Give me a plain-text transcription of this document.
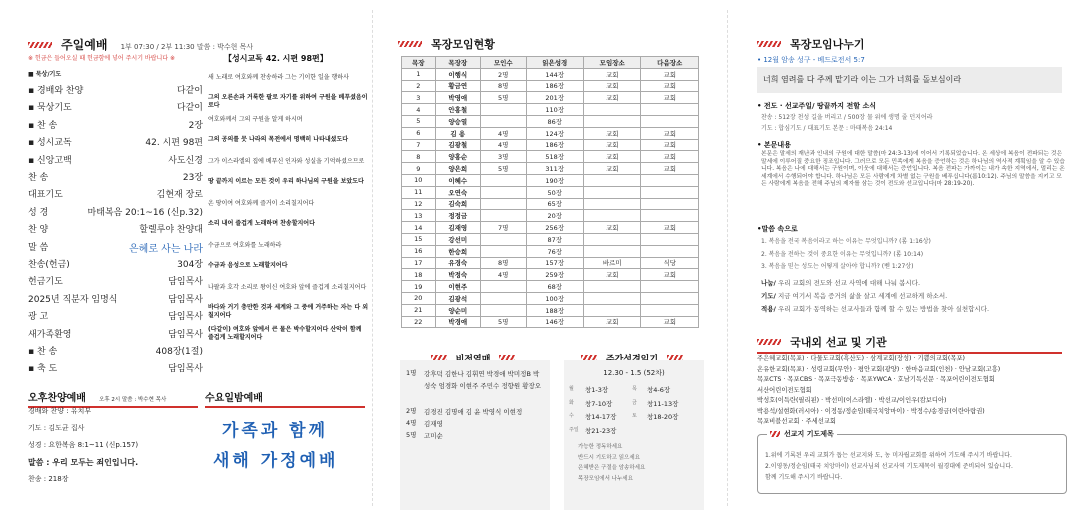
주일예배 1부 07:30 / 2부 11:30 말씀 : 박수현 목사
※ 헌금은 들어오실 때 헌금함에 넣어 주시기 바랍니다 ※
■ 묵상/기도
【성시교독 42. 시편 98편】
▪ 경배와 찬양	다같이
▪ 묵상기도	다같이
▪ 찬 송	2장
▪ 성시교독	42. 시편 98편
▪ 신앙고백	사도신경
찬 송	23장
대표기도	김현재 장로
성 경	마태복음 20:1~16 (신p.32)
찬 양	할렐루야 찬양대
말 씀	은혜로 사는 나라
찬송(헌금)	304장
헌금기도	담임목사
2025년 직분자 임명식	담임목사
광 고	담임목사
새가족환영	담임목사
▪ 찬 송	408장(1절)
▪ 축 도	담임목사
새 노래로 여호와께 찬송하라 그는 기이한 일을 행하사
그의 오른손과 거룩한 팔로 자기를 위하여 구원을 베푸셨음이로다
여호와께서 그의 구원을 알게 하시며
그의 공의를 뭇 나라의 목전에서 명백히 나타내셨도다
그가 이스라엘의 집에 베푸신 인자와 성실을 기억하셨으므로
땅 끝까지 이르는 모든 것이 우리 하나님의 구원을 보았도다
온 땅이여 여호와께 즐거이 소리칠지어다
소리 내어 즐겁게 노래하며 찬송할지어다
수금으로 여호와를 노래하라
수금과 음성으로 노래할지어다
나팔과 호각 소리로 왕이신 여호와 앞에 즐겁게 소리칠지어다
바다와 거기 충만한 것과 세계와 그 중에 거주하는 자는 다 외칠지어다
(다같이) 여호와 앞에서 큰 물은 박수할지어다 산악이 함께 즐겁게 노래할지어다
오후찬양예배 오후 2시 말씀 : 박수현 목사
경배와 찬양 : 유치부
기도 : 김도균 집사
성경 : 요한복음 8:1~11 (신p.157)
말씀 : 우리 모두는 죄인입니다.
찬송 : 218장
수요일밤예배
가족과 함께
새해 가정예배
목장모임현황
목장	목장장	모인수	읽은성경	모임장소	다음장소
1	이행식	2명	144장	교회	교회
2	황금연	8명	186장	교회	교회
3	박영애	5명	201장	교회	교회
4	안홍철		110장		
5	양승열		86장		
6	김 용	4명	124장	교회	교회
7	김광철	4명	186장	교회	교회
8	양홍순	3명	518장	교회	교회
9	양은희	5명	311장	교회	교회
10	이혜수		190장		
11	오연숙		50장		
12	김숙희		65장		
13	정정금		20장		
14	김재영	7명	256장	교회	교회
15	강선미		87장		
16	한승희		76장		
17	유경숙	8명	157장	바르미	식당
18	박정숙	4명	259장	교회	교회
19	이현주		68장		
20	김광석		100장		
21	양순미		188장		
22	박경애	5명	146장	교회	교회

1명 강후덕 김한나 김휘연 박경애 박미정B 박성숙 엄경화 이현주 주민수 정향원 황장오
2명 김경진 김명애 김 윤 박영식 이현정
4명 김재영
5명 고미순

12.30 - 1.5 (52차)
월 창1-3장	목 창4-6장
화 창7-10장	금 창11-13장
수 창14-17장	토 창18-20장
주일 창21-23장
가능한 정독하세요
반드시 기도하고 읽으세요
은혜받은 구절을 암송하세요
목장모임에서 나누세요
목장모임나누기
• 12월 암송 성구 - 베드로전서 5:7
너희 염려를 다 주께 맡기라 이는 그가 너희를 돌보심이라
• 전도 · 선교주일/ 땅끝까지 전할 소식
찬송 : 512장 천성 길을 버리고 / 500장 물 위에 생명 줄 던지어라
기도 : 합심기도 / 대표기도 본문 : 마태복음 24:14
• 본문내용
본문은 말세의 재난과 인내의 구원에 대한 말씀(마 24:3-13)에 이어서 기록되었습니다. 온 세상에 복음이 전파되는 것은 말세에 이루어질 중요한 징조입니다. 그러므로 모든 민족에게 복음을 증언하는 것은 하나님의 역사적 계획임을 알 수 있습니다. 복음은 나에 대해서는 구원이며, 이웃에 대해서는 증언입니다. 복음 전파는 가까이는 내가 속한 지역에서, 멀리는 온 세계에서 수행되어야 합니다. 하나님은 모든 사람에게 차별 없는 구원을 베푸십니다(롬10:12). 주님의 말씀을 지키고 모든 사람에게 복음을 전해 주님의 제자를 삼는 것이 전도와 선교입니다(마 28:19-20).
•말씀 속으로
1. 복음을 전국 복음이라고 하는 이유는 무엇입니까? (롬 1:16상)
2. 복음을 전하는 것이 중요한 이유는 무엇입니까? (롬 10:14)
3. 복음을 믿는 성도는 어떻게 살아야 합니까? (벧 1:27상)
나눔/ 우리 교회의 전도와 선교 사역에 대해 나눠 봅시다.
기도/ 지금 여기서 복음 증거의 삶을 살고 세계에 선교하게 하소서.
적용/ 우리 교회가 동역하는 선교사들과 함께 할 수 있는 방법을 찾아 실천합시다.
국내외 선교 및 기관
주은혜교회(목포) · 다물도교회(흑산도) · 삼계교회(장성) · 기쁨의교회(목포)
온유한교회(목포) · 성령교회(무안) · 평안교회(광양) · 한마음교회(인천) · 안남교회(고흥)
목포CTS · 목포CBS · 목포극동방송 · 목포YWCA · 호남기독신문 · 목포어린이전도협회
서산어린이전도협회
박성호(이득란(필리핀) · 박선미(이스라엘) · 박선교/이인우(캄보디아)
박용석/설현화(러시아) · 이정동/정순임(태국치앙마이) · 박정수/송경금(이란아랍권)
목포비블선교회 · 주세선교회
선교지 기도제목
1.위에 기록된 우리 교회가 돕는 선교지와 도, 농 미자립교회를 위하여 기도해 주시기 바랍니다.
2.이영동/정순임(태국 치앙마이) 선교사님의 선교사역 기도제목이 월경대에 준비되어 있습니다.
함께 기도해 주시기 바랍니다.
